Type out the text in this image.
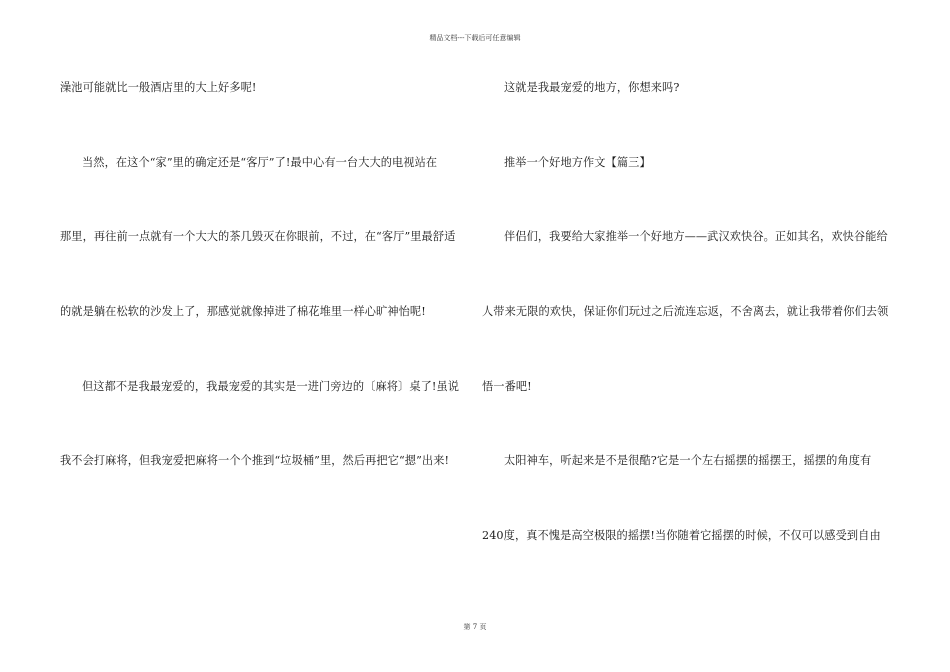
精品文档---下载后可任意编辑
澡池可能就比一般酒店里的大上好多呢!
当然，在这个“家”里的确定还是“客厅”了!最中心有一台大大的电视站在
那里，再往前一点就有一个大大的茶几毁灭在你眼前，不过，在“客厅”里最舒适
的就是躺在松软的沙发上了，那感觉就像掉进了棉花堆里一样心旷神怡呢!
但这都不是我最宠爱的，我最宠爱的其实是一进门旁边的〔麻将〕桌了!虽说
我不会打麻将，但我宠爱把麻将一个个推到“垃圾桶”里，然后再把它“摁”出来!
这就是我最宠爱的地方，你想来吗?
推举一个好地方作文【篇三】
伴侣们，我要给大家推举一个好地方——武汉欢快谷。正如其名，欢快谷能给
人带来无限的欢快，保证你们玩过之后流连忘返，不舍离去，就让我带着你们去领
悟一番吧!
太阳神车，听起来是不是很酷?它是一个左右摇摆的摇摆王，摇摆的角度有
240度，真不愧是高空极限的摇摆!当你随着它摇摆的时候，不仅可以感受到自由
第 7 页
